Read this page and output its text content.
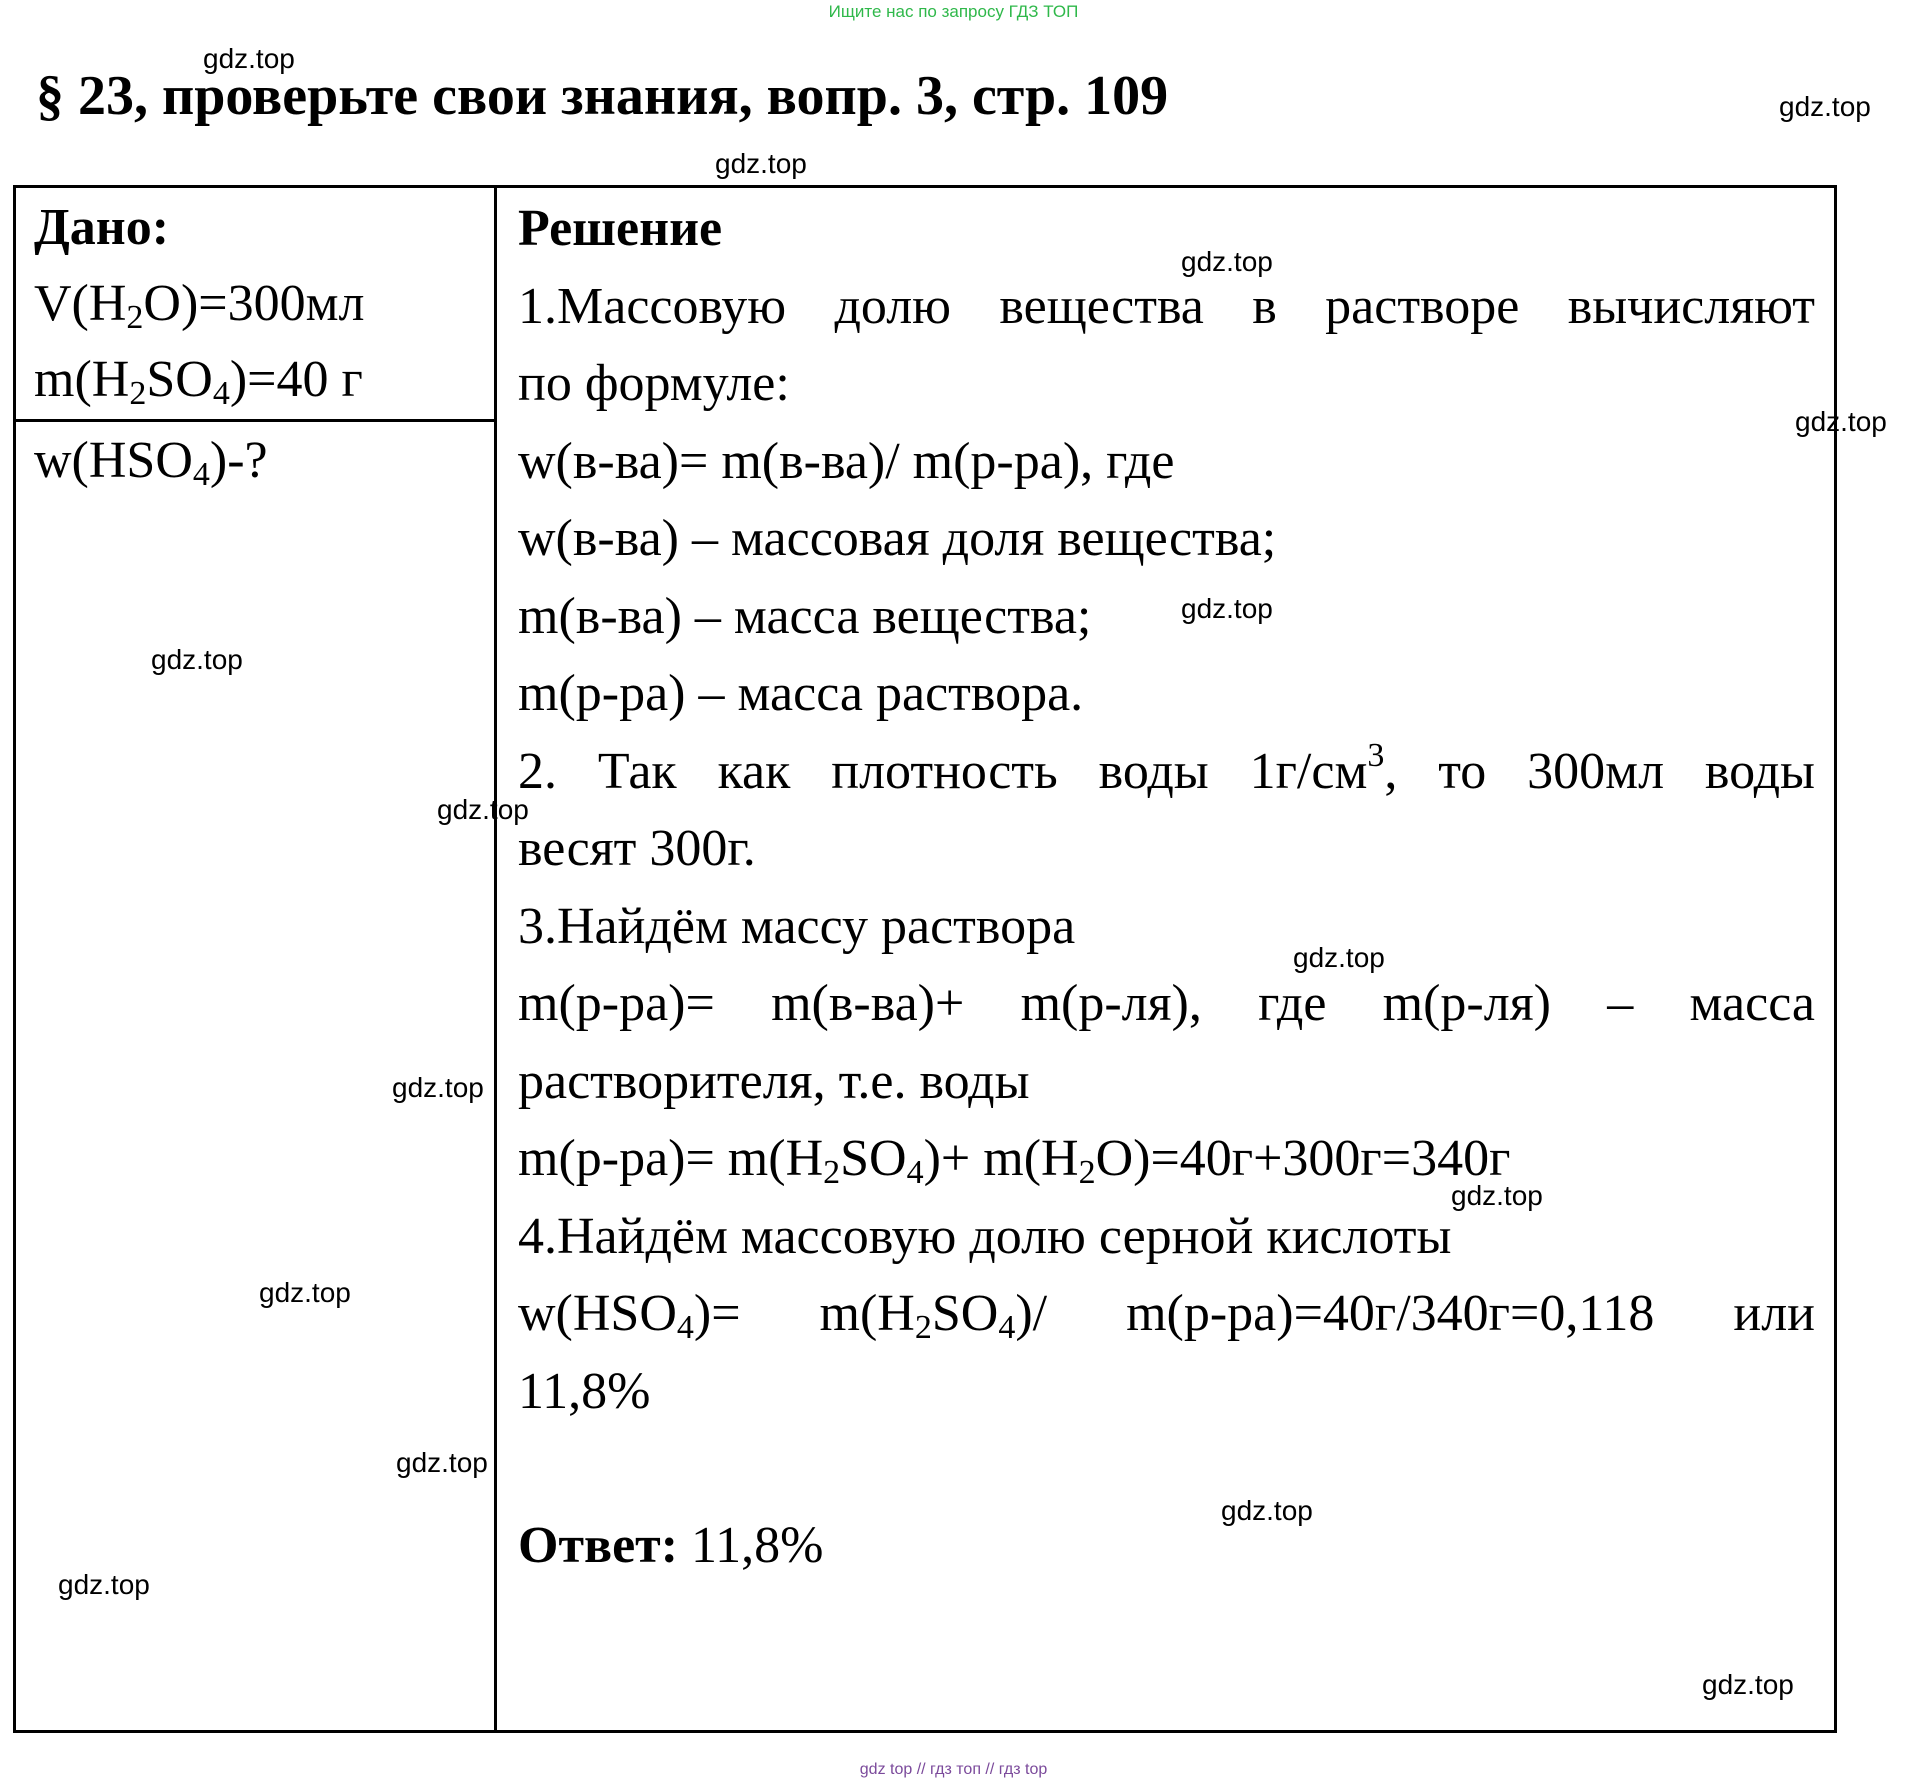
Ищите нас по запросу ГДЗ ТОП
§ 23, проверьте свои знания, вопр. 3, стр. 109
Дано:
$V(H_2O)=300мл$
$m(H_2SO_4)=40$ г
$w(HSO_4)-$?
Решение
1.Массовую долю вещества в растворе вычисляют
по формуле:
w(в-ва)= m(в-ва)/ m(р-ра), где
w(в-ва) – массовая доля вещества;
m(в-ва) – масса вещества;
m(р-ра) – масса раствора.
2. Так как плотность воды $1г/см^3$, то 300мл воды
весят 300г.
3.Найдём массу раствора
m(р-ра)= m(в-ва)+ m(р-ля), где m(р-ля) – масса
растворителя, т.е. воды
$m(р-ра)= m(H_2SO_4)+ m(H_2O)=40г+300г=340г$
4.Найдём массовую долю серной кислоты
$w(HSO_4)= m(H_2SO_4)/$ m(р-ра)=40г/340г=0,118 или
11,8%
Ответ: 11,8%
gdz.top
gdz.top
gdz.top
gdz.top
gdz.top
gdz.top
gdz.top
gdz.top
gdz.top
gdz.top
gdz.top
gdz.top
gdz.top
gdz.top
gdz.top
gdz.top
gdz top // гдз топ // гдз top
